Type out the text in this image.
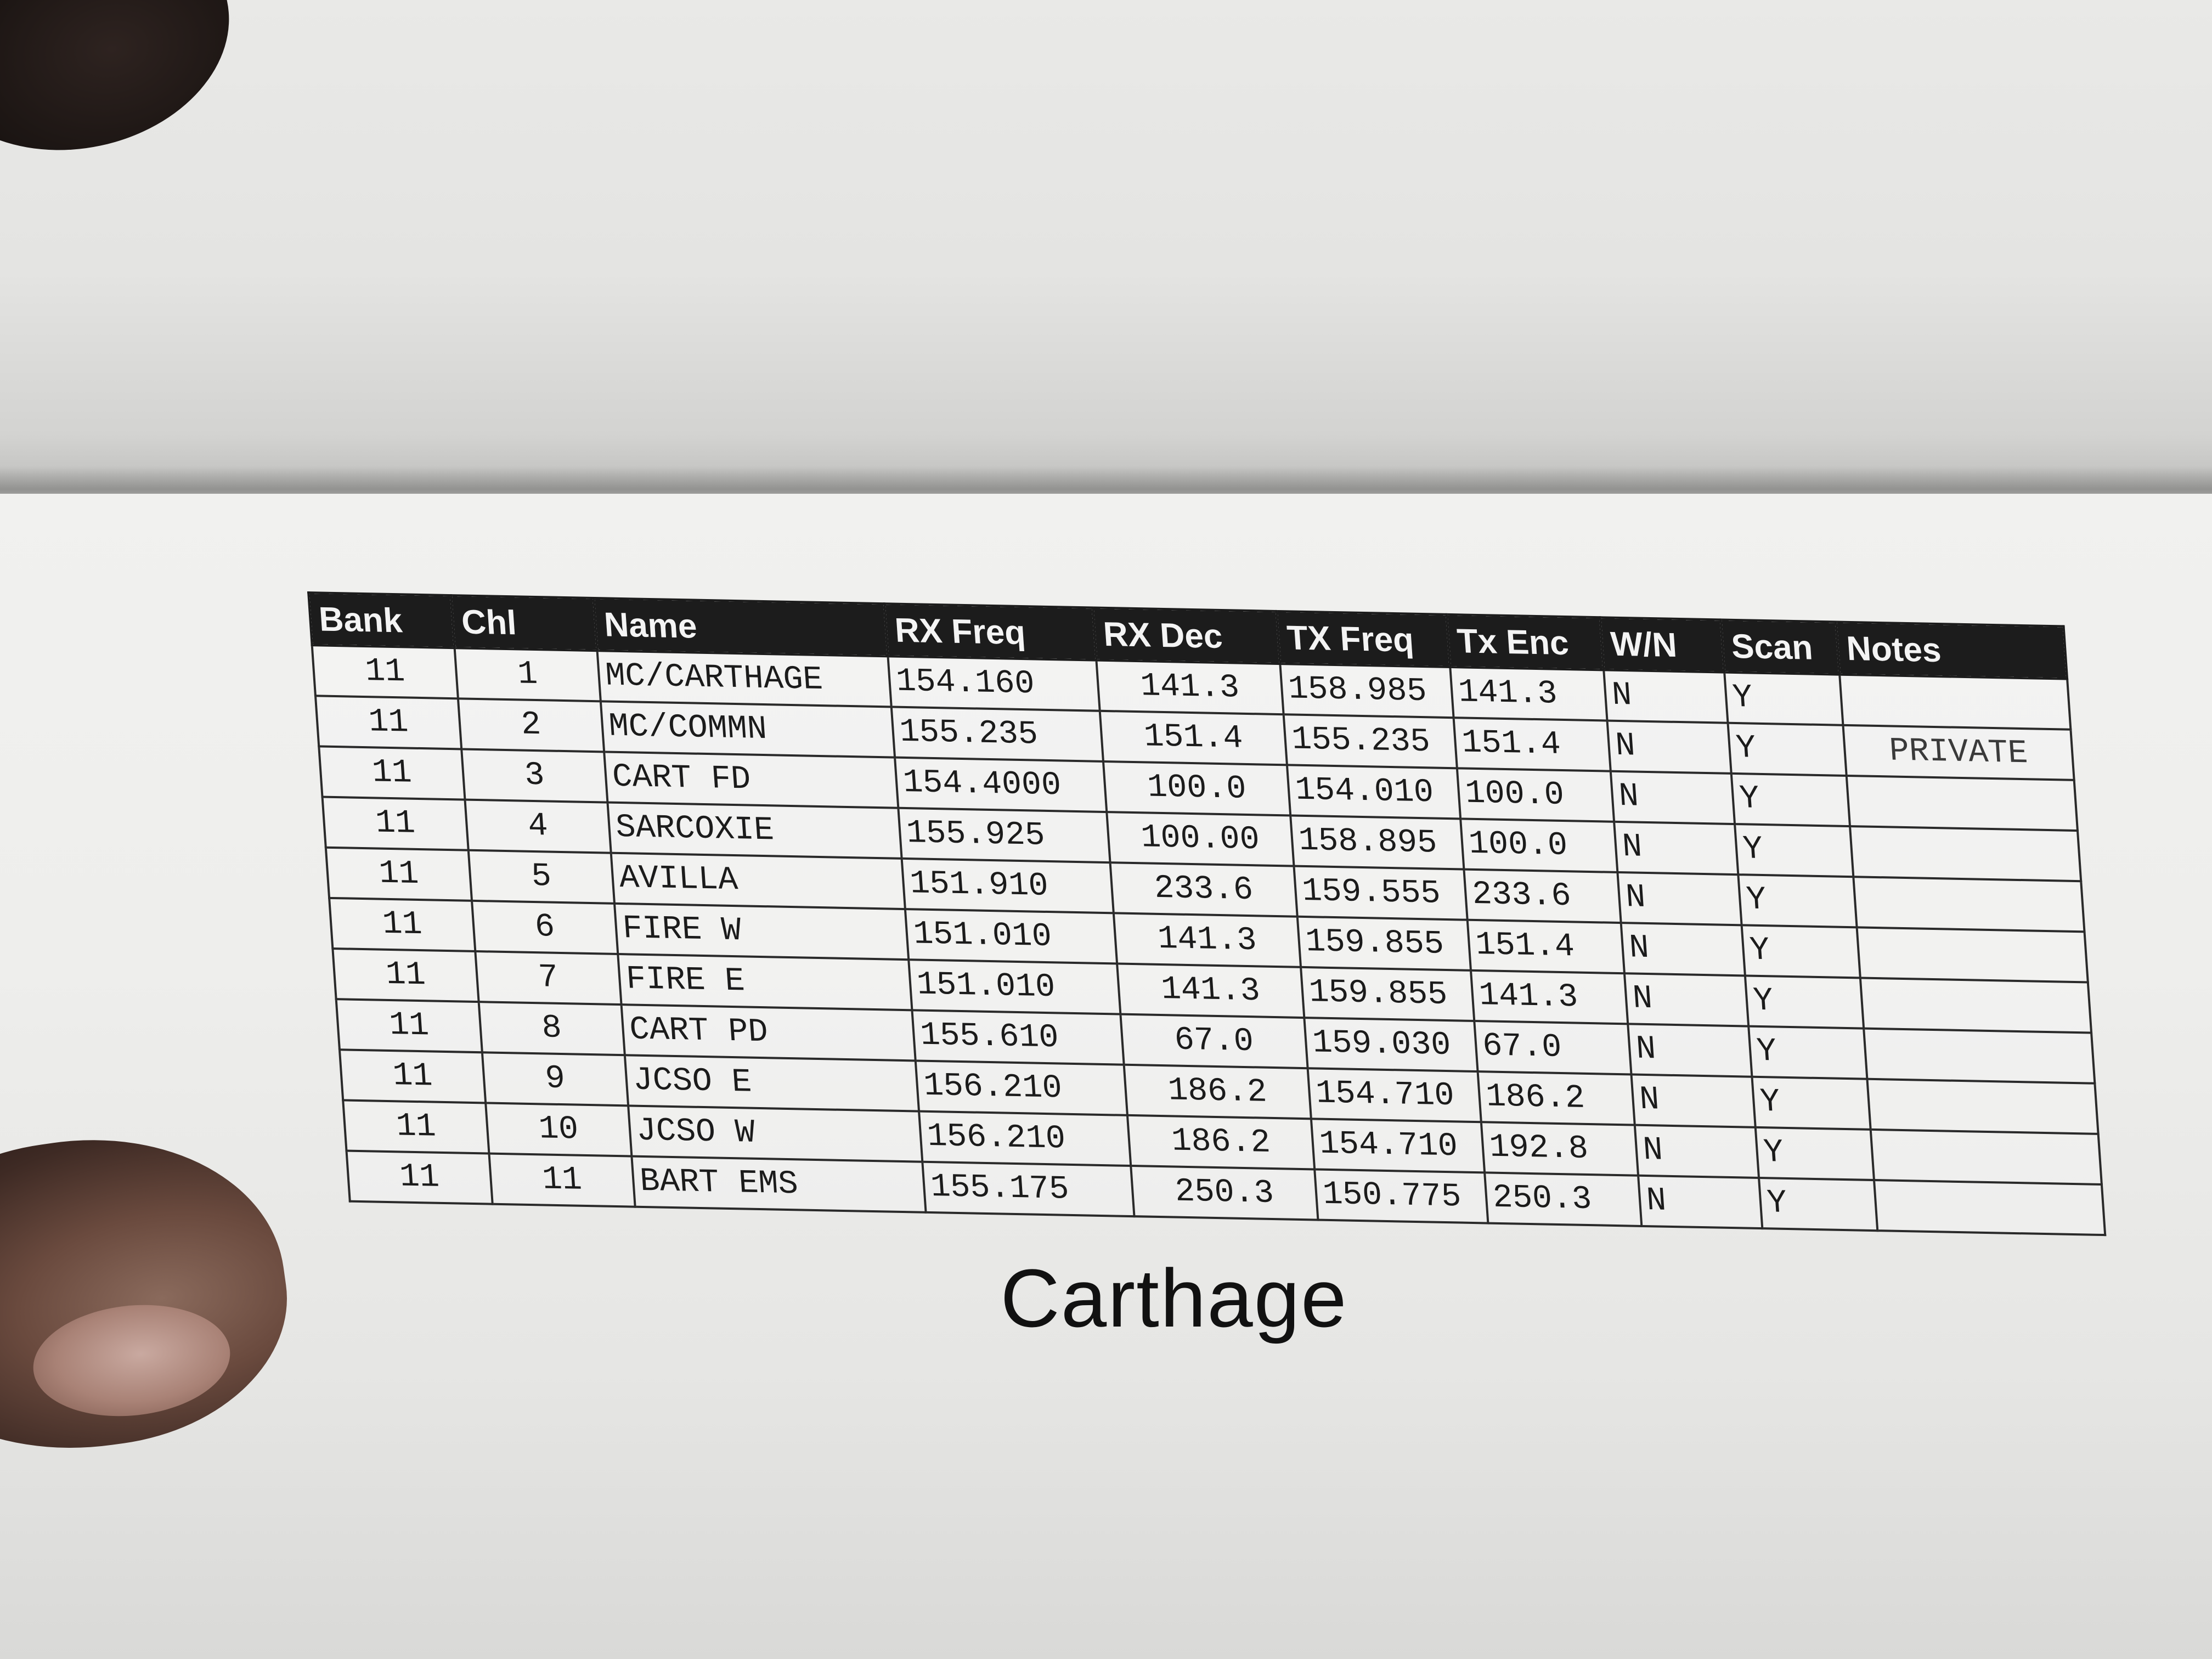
Bank	Chl	Name	RX Freq	RX Dec	TX Freq	Tx Enc	W/N	Scan	Notes
11	1	MC/CARTHAGE	154.160	141.3	158.985	141.3	N	Y	
11	2	MC/COMMN	155.235	151.4	155.235	151.4	N	Y	PRIVATE
11	3	CART FD	154.4000	100.0	154.010	100.0	N	Y	
11	4	SARCOXIE	155.925	100.00	158.895	100.0	N	Y	
11	5	AVILLA	151.910	233.6	159.555	233.6	N	Y	
11	6	FIRE W	151.010	141.3	159.855	151.4	N	Y	
11	7	FIRE E	151.010	141.3	159.855	141.3	N	Y	
11	8	CART PD	155.610	67.0	159.030	67.0	N	Y	
11	9	JCSO E	156.210	186.2	154.710	186.2	N	Y	
11	10	JCSO W	156.210	186.2	154.710	192.8	N	Y	
11	11	BART EMS	155.175	250.3	150.775	250.3	N	Y	
Carthage
